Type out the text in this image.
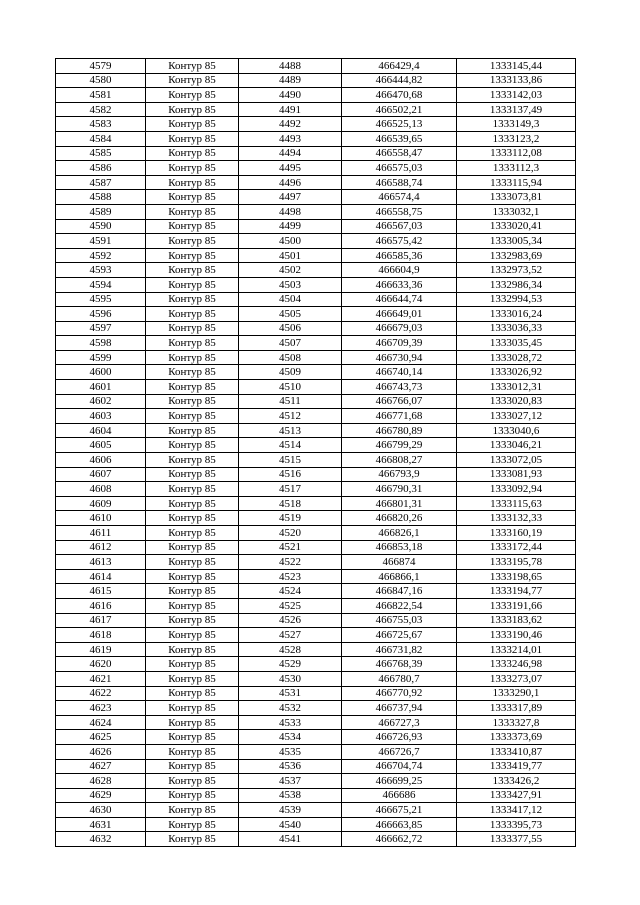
4579	Контур 85	4488	466429,4	1333145,44
4580	Контур 85	4489	466444,82	1333133,86
4581	Контур 85	4490	466470,68	1333142,03
4582	Контур 85	4491	466502,21	1333137,49
4583	Контур 85	4492	466525,13	1333149,3
4584	Контур 85	4493	466539,65	1333123,2
4585	Контур 85	4494	466558,47	1333112,08
4586	Контур 85	4495	466575,03	1333112,3
4587	Контур 85	4496	466588,74	1333115,94
4588	Контур 85	4497	466574,4	1333073,81
4589	Контур 85	4498	466558,75	1333032,1
4590	Контур 85	4499	466567,03	1333020,41
4591	Контур 85	4500	466575,42	1333005,34
4592	Контур 85	4501	466585,36	1332983,69
4593	Контур 85	4502	466604,9	1332973,52
4594	Контур 85	4503	466633,36	1332986,34
4595	Контур 85	4504	466644,74	1332994,53
4596	Контур 85	4505	466649,01	1333016,24
4597	Контур 85	4506	466679,03	1333036,33
4598	Контур 85	4507	466709,39	1333035,45
4599	Контур 85	4508	466730,94	1333028,72
4600	Контур 85	4509	466740,14	1333026,92
4601	Контур 85	4510	466743,73	1333012,31
4602	Контур 85	4511	466766,07	1333020,83
4603	Контур 85	4512	466771,68	1333027,12
4604	Контур 85	4513	466780,89	1333040,6
4605	Контур 85	4514	466799,29	1333046,21
4606	Контур 85	4515	466808,27	1333072,05
4607	Контур 85	4516	466793,9	1333081,93
4608	Контур 85	4517	466790,31	1333092,94
4609	Контур 85	4518	466801,31	1333115,63
4610	Контур 85	4519	466820,26	1333132,33
4611	Контур 85	4520	466826,1	1333160,19
4612	Контур 85	4521	466853,18	1333172,44
4613	Контур 85	4522	466874	1333195,78
4614	Контур 85	4523	466866,1	1333198,65
4615	Контур 85	4524	466847,16	1333194,77
4616	Контур 85	4525	466822,54	1333191,66
4617	Контур 85	4526	466755,03	1333183,62
4618	Контур 85	4527	466725,67	1333190,46
4619	Контур 85	4528	466731,82	1333214,01
4620	Контур 85	4529	466768,39	1333246,98
4621	Контур 85	4530	466780,7	1333273,07
4622	Контур 85	4531	466770,92	1333290,1
4623	Контур 85	4532	466737,94	1333317,89
4624	Контур 85	4533	466727,3	1333327,8
4625	Контур 85	4534	466726,93	1333373,69
4626	Контур 85	4535	466726,7	1333410,87
4627	Контур 85	4536	466704,74	1333419,77
4628	Контур 85	4537	466699,25	1333426,2
4629	Контур 85	4538	466686	1333427,91
4630	Контур 85	4539	466675,21	1333417,12
4631	Контур 85	4540	466663,85	1333395,73
4632	Контур 85	4541	466662,72	1333377,55
